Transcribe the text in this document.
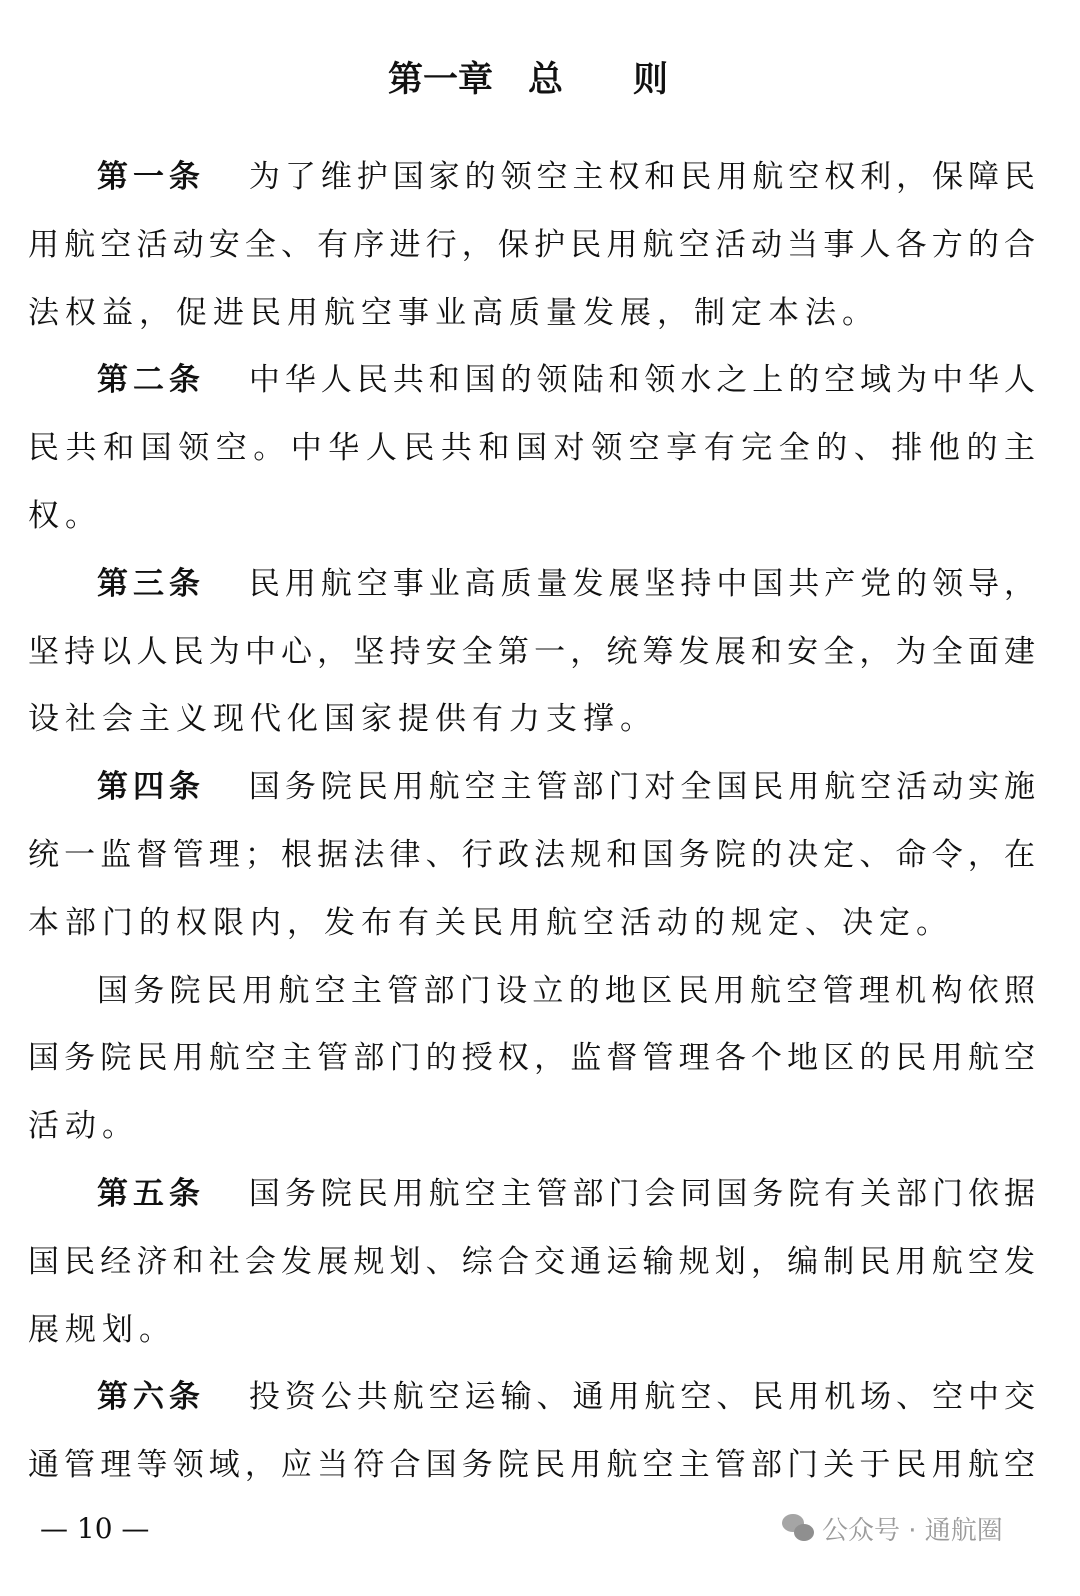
第一章　总　　则
第一条 为了维护国家的领空主权和民用航空权利，保障民
用航空活动安全、有序进行，保护民用航空活动当事人各方的合
法权益，促进民用航空事业高质量发展，制定本法。
第二条 中华人民共和国的领陆和领水之上的空域为中华人
民共和国领空。中华人民共和国对领空享有完全的、排他的主
权。
第三条 民用航空事业高质量发展坚持中国共产党的领导，
坚持以人民为中心，坚持安全第一，统筹发展和安全，为全面建
设社会主义现代化国家提供有力支撑。
第四条 国务院民用航空主管部门对全国民用航空活动实施
统一监督管理；根据法律、行政法规和国务院的决定、命令，在
本部门的权限内，发布有关民用航空活动的规定、决定。
国务院民用航空主管部门设立的地区民用航空管理机构依照
国务院民用航空主管部门的授权，监督管理各个地区的民用航空
活动。
第五条 国务院民用航空主管部门会同国务院有关部门依据
国民经济和社会发展规划、综合交通运输规划，编制民用航空发
展规划。
第六条 投资公共航空运输、通用航空、民用机场、空中交
通管理等领域，应当符合国务院民用航空主管部门关于民用航空
— 10 —	公众号 · 通航圈
